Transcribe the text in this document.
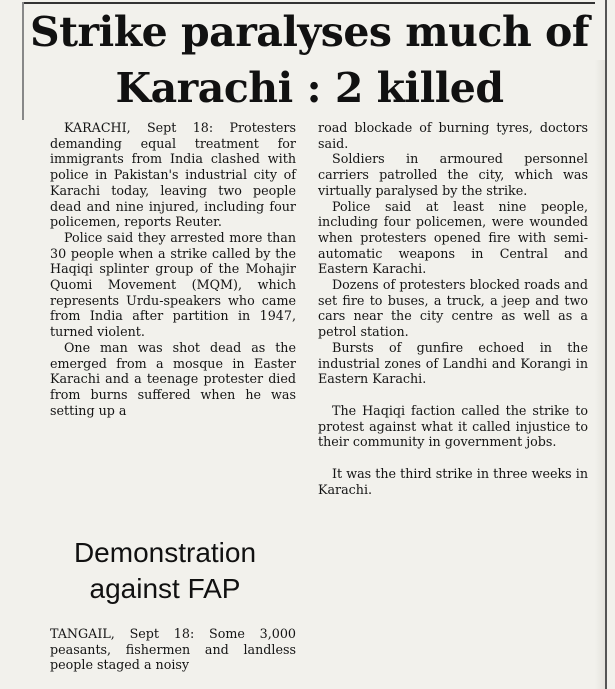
Strike paralyses much of Karachi : 2 killed

KARACHI, Sept 18: Protesters demanding equal treatment for immigrants from India clashed with police in Pakistan's industrial city of Karachi today, leaving two people dead and nine injured, including four policemen, reports Reuter.

Police said they arrested more than 30 people when a strike called by the Haqiqi splinter group of the Mohajir Quomi Movement (MQM), which represents Urdu-speakers who came from India after partition in 1947, turned violent.

One man was shot dead as the emerged from a mosque in Easter Karachi and a teenage protester died from burns suffered when he was setting up a

Demonstration against FAP

TANGAIL, Sept 18: Some 3,000 peasants, fishermen and landless people staged a noisy

road blockade of burning tyres, doctors said.

Soldiers in armoured personnel carriers patrolled the city, which was virtually paralysed by the strike.

Police said at least nine people, including four policemen, were wounded when protesters opened fire with semi-automatic weapons in Central and Eastern Karachi.

Dozens of protesters blocked roads and set fire to buses, a truck, a jeep and two cars near the city centre as well as a petrol station.

Bursts of gunfire echoed in the industrial zones of Landhi and Korangi in Eastern Karachi.

The Haqiqi faction called the strike to protest against what it called injustice to their community in government jobs.

It was the third strike in three weeks in Karachi.
